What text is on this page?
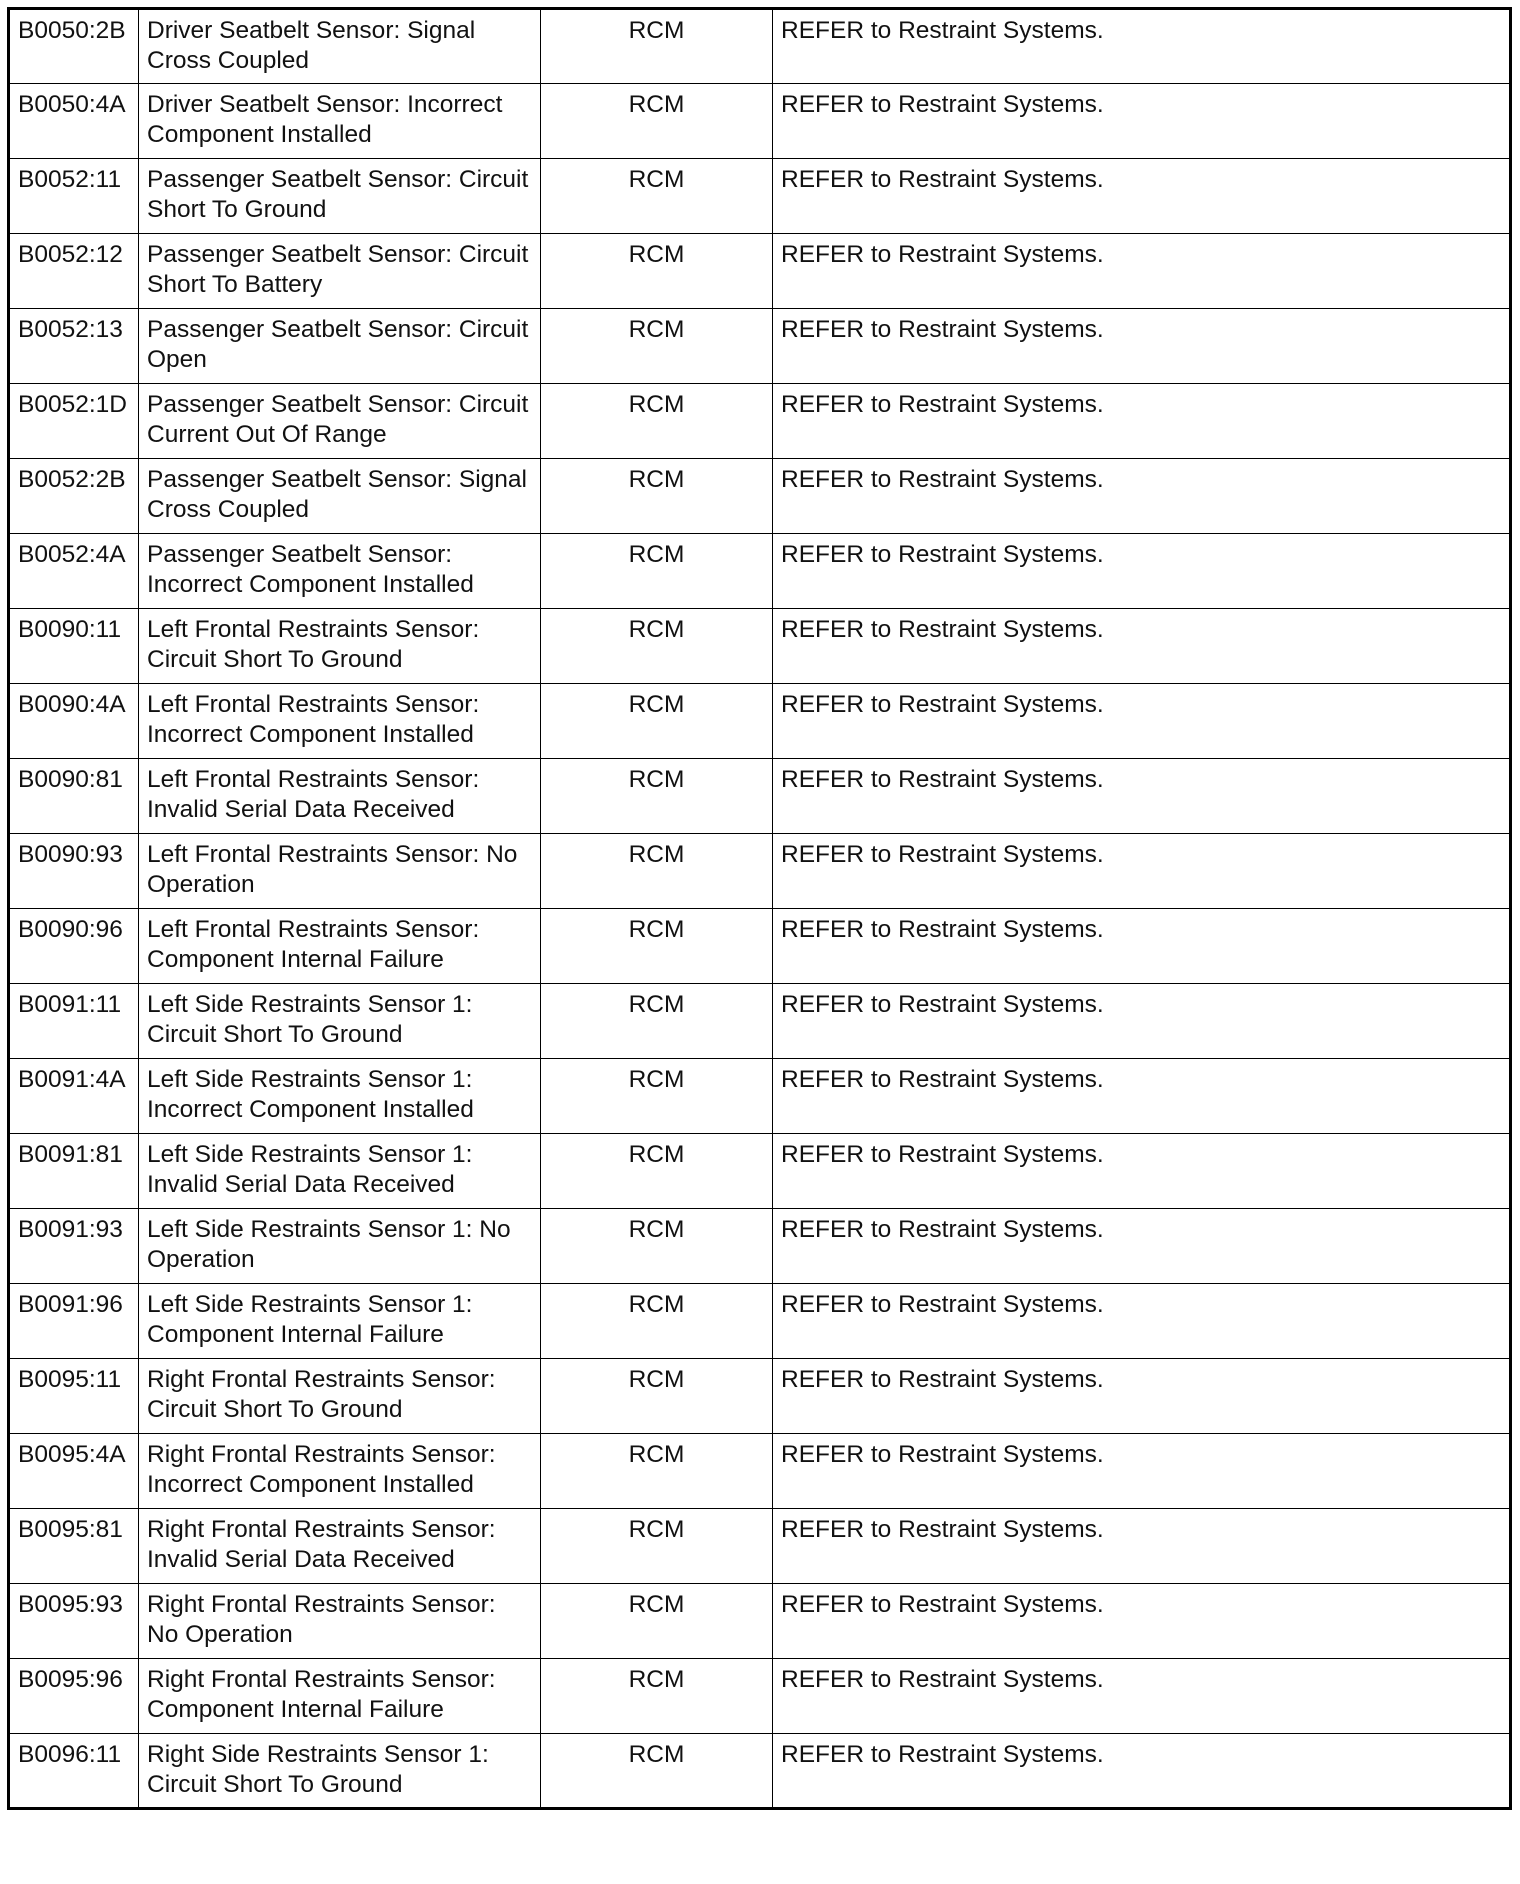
B0050:2B	Driver Seatbelt Sensor: Signal Cross Coupled	RCM	REFER to Restraint Systems.
B0050:4A	Driver Seatbelt Sensor: Incorrect Component Installed	RCM	REFER to Restraint Systems.
B0052:11	Passenger Seatbelt Sensor: Circuit Short To Ground	RCM	REFER to Restraint Systems.
B0052:12	Passenger Seatbelt Sensor: Circuit Short To Battery	RCM	REFER to Restraint Systems.
B0052:13	Passenger Seatbelt Sensor: Circuit Open	RCM	REFER to Restraint Systems.
B0052:1D	Passenger Seatbelt Sensor: Circuit Current Out Of Range	RCM	REFER to Restraint Systems.
B0052:2B	Passenger Seatbelt Sensor: Signal Cross Coupled	RCM	REFER to Restraint Systems.
B0052:4A	Passenger Seatbelt Sensor: Incorrect Component Installed	RCM	REFER to Restraint Systems.
B0090:11	Left Frontal Restraints Sensor: Circuit Short To Ground	RCM	REFER to Restraint Systems.
B0090:4A	Left Frontal Restraints Sensor: Incorrect Component Installed	RCM	REFER to Restraint Systems.
B0090:81	Left Frontal Restraints Sensor: Invalid Serial Data Received	RCM	REFER to Restraint Systems.
B0090:93	Left Frontal Restraints Sensor: No Operation	RCM	REFER to Restraint Systems.
B0090:96	Left Frontal Restraints Sensor: Component Internal Failure	RCM	REFER to Restraint Systems.
B0091:11	Left Side Restraints Sensor 1: Circuit Short To Ground	RCM	REFER to Restraint Systems.
B0091:4A	Left Side Restraints Sensor 1: Incorrect Component Installed	RCM	REFER to Restraint Systems.
B0091:81	Left Side Restraints Sensor 1: Invalid Serial Data Received	RCM	REFER to Restraint Systems.
B0091:93	Left Side Restraints Sensor 1: No Operation	RCM	REFER to Restraint Systems.
B0091:96	Left Side Restraints Sensor 1: Component Internal Failure	RCM	REFER to Restraint Systems.
B0095:11	Right Frontal Restraints Sensor: Circuit Short To Ground	RCM	REFER to Restraint Systems.
B0095:4A	Right Frontal Restraints Sensor: Incorrect Component Installed	RCM	REFER to Restraint Systems.
B0095:81	Right Frontal Restraints Sensor: Invalid Serial Data Received	RCM	REFER to Restraint Systems.
B0095:93	Right Frontal Restraints Sensor: No Operation	RCM	REFER to Restraint Systems.
B0095:96	Right Frontal Restraints Sensor: Component Internal Failure	RCM	REFER to Restraint Systems.
B0096:11	Right Side Restraints Sensor 1: Circuit Short To Ground	RCM	REFER to Restraint Systems.
